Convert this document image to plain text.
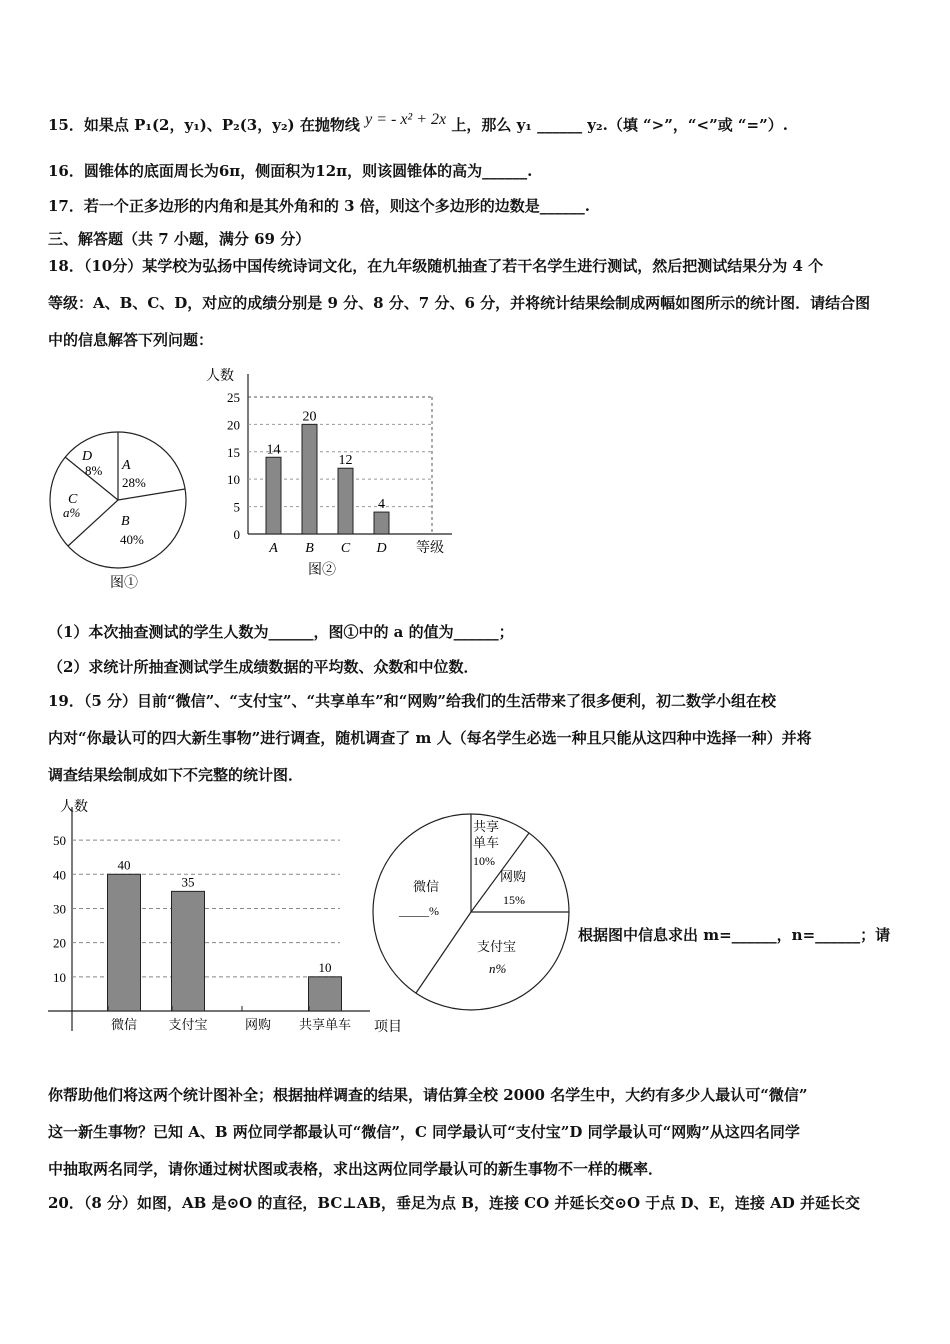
15．如果点 P₁(2，y₁)、P₂(3，y₂) 在抛物线 y = - x² + 2x 上，那么 y₁ ______ y₂.（填 “>”，“<”或 “=”）.
16．圆锥体的底面周长为6π，侧面积为12π，则该圆锥体的高为______.
17．若一个正多边形的内角和是其外角和的 3 倍，则这个多边形的边数是______.
三、解答题（共 7 小题，满分 69 分）
18．（10分）某学校为弘扬中国传统诗词文化，在九年级随机抽查了若干名学生进行测试，然后把测试结果分为 4 个
等级：A、B、C、D，对应的成绩分别是 9 分、8 分、7 分、6 分，并将统计结果绘制成两幅如图所示的统计图．请结合图
中的信息解答下列问题：
D
8% A
28%
C
a%
B
40%
图①
人数
等级
图②
0
5
10
15
20
25
14
A
20
B
12
C
4
D
（1）本次抽查测试的学生人数为______，图①中的 a 的值为______；
（2）求统计所抽查测试学生成绩数据的平均数、众数和中位数．
19．（5 分）目前“微信”、“支付宝”、“共享单车”和“网购”给我们的生活带来了很多便利，初二数学小组在校
内对“你最认可的四大新生事物”进行调查，随机调查了 m 人（每名学生必选一种且只能从这四种中选择一种）并将
调查结果绘制成如下不完整的统计图．
人数
项目
10
20
30
40
50
40
微信
35
支付宝	网购
10
共享单车
共享单车
10%
网购
15%
支付宝
n%
微信
_____%
根据图中信息求出 m=______，n=______；请
你帮助他们将这两个统计图补全；根据抽样调查的结果，请估算全校 2000 名学生中，大约有多少人最认可“微信”
这一新生事物？已知 A、B 两位同学都最认可“微信”，C 同学最认可“支付宝”D 同学最认可“网购”从这四名同学
中抽取两名同学，请你通过树状图或表格，求出这两位同学最认可的新生事物不一样的概率．
20．（8 分）如图，AB 是⊙O 的直径，BC⊥AB，垂足为点 B，连接 CO 并延长交⊙O 于点 D、E，连接 AD 并延长交
